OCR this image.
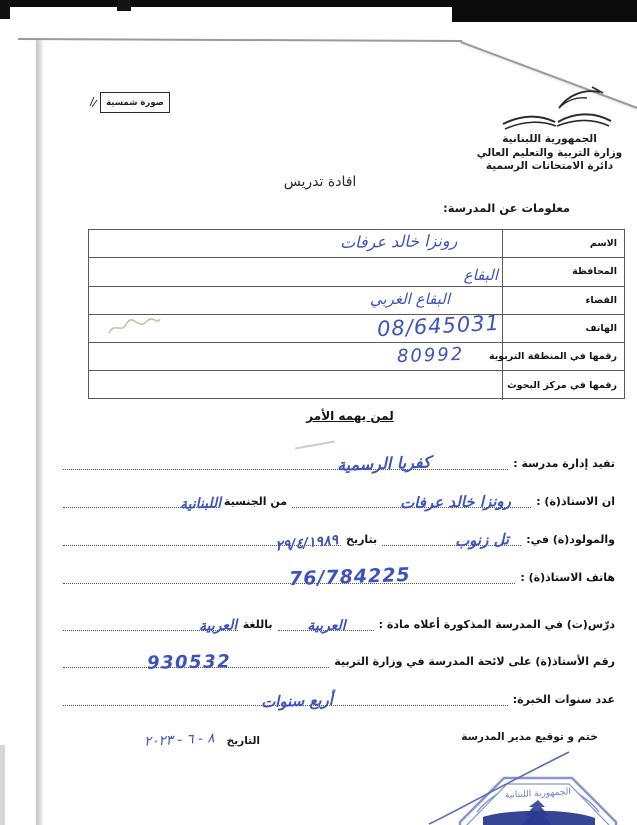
صورة شمسية
الجمهورية اللبنانية
وزارة التربية والتعليم العالي
دائرة الامتحانات الرسمية
افادة تدريس
معلومات عن المدرسة:
الاسم
رونزا خالد عرفات
المحافظة
البقاع
القضاء
البقاع الغربي
الهاتف
08/645031
رقمها في المنطقة التربوية
80992
رقمها في مركز البحوث
لمن يهمه الأمر
تفيد إدارة مدرسة :
كفريا الرسمية
ان الاستاذ(ة) :
رونزا خالد عرفات
من الجنسية
اللبنانية
والمولود(ة) في:
تل زنوب
بتاريخ
٢٩/٤/١٩٨٩
هاتف الاستاذ(ة) :
76/784225
درّس(ت) في المدرسة المذكورة أعلاه مادة :
العربية
باللغة
العربية
رقم الأستاذ(ة) على لائحة المدرسة في وزارة التربية
930532
عدد سنوات الخبرة:
أربع سنوات
التاريخ
٨ - ٦ - ٢٠٢٣	ختم و توقيع مدير المدرسة
الجمهورية اللبنانية
